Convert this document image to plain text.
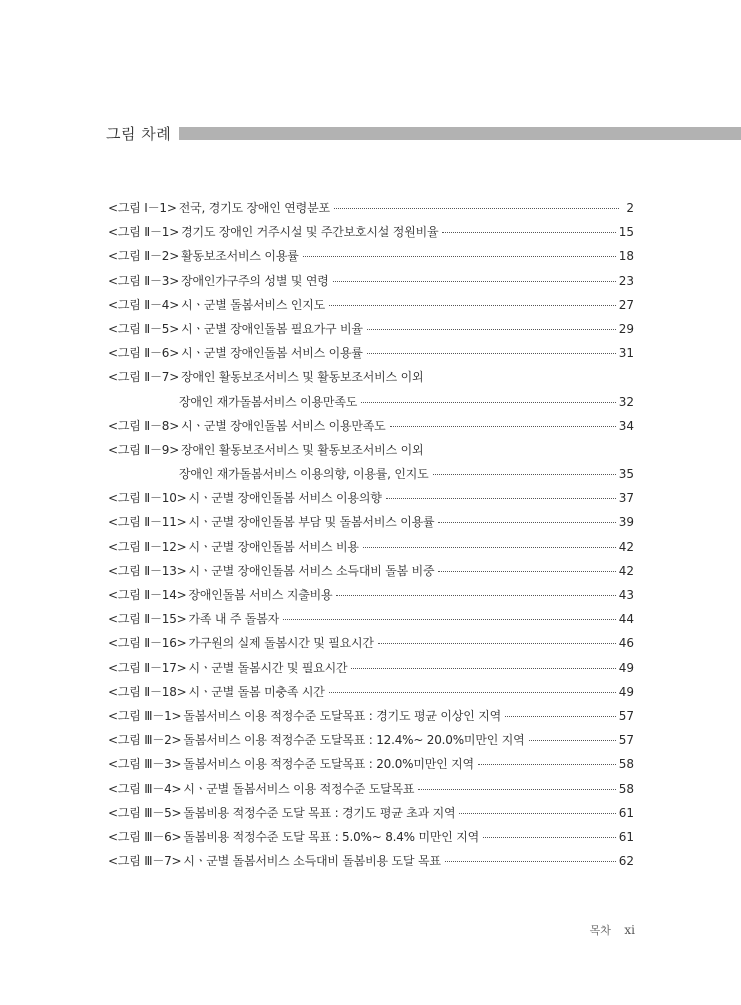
그림 차례
<그림 Ⅰ－1> 전국, 경기도 장애인 연령분포	2
<그림 Ⅱ－1> 경기도 장애인 거주시설 및 주간보호시설 정원비율	15
<그림 Ⅱ－2> 활동보조서비스 이용률	18
<그림 Ⅱ－3> 장애인가구주의 성별 및 연령	23
<그림 Ⅱ－4> 시ㆍ군별 돌봄서비스 인지도	27
<그림 Ⅱ－5> 시ㆍ군별 장애인돌봄 필요가구 비율	29
<그림 Ⅱ－6> 시ㆍ군별 장애인돌봄 서비스 이용률	31
<그림 Ⅱ－7> 장애인 활동보조서비스 및 활동보조서비스 이외
장애인 재가돌봄서비스 이용만족도	32
<그림 Ⅱ－8> 시ㆍ군별 장애인돌봄 서비스 이용만족도	34
<그림 Ⅱ－9> 장애인 활동보조서비스 및 활동보조서비스 이외
장애인 재가돌봄서비스 이용의향, 이용률, 인지도	35
<그림 Ⅱ－10> 시ㆍ군별 장애인돌봄 서비스 이용의향	37
<그림 Ⅱ－11> 시ㆍ군별 장애인돌봄 부담 및 돌봄서비스 이용률	39
<그림 Ⅱ－12> 시ㆍ군별 장애인돌봄 서비스 비용	42
<그림 Ⅱ－13> 시ㆍ군별 장애인돌봄 서비스 소득대비 돌봄 비중	42
<그림 Ⅱ－14> 장애인돌봄 서비스 지출비용	43
<그림 Ⅱ－15> 가족 내 주 돌봄자	44
<그림 Ⅱ－16> 가구원의 실제 돌봄시간 및 필요시간	46
<그림 Ⅱ－17> 시ㆍ군별 돌봄시간 및 필요시간	49
<그림 Ⅱ－18> 시ㆍ군별 돌봄 미충족 시간	49
<그림 Ⅲ－1> 돌봄서비스 이용 적정수준 도달목표 : 경기도 평균 이상인 지역	57
<그림 Ⅲ－2> 돌봄서비스 이용 적정수준 도달목표 : 12.4%~ 20.0%미만인 지역	57
<그림 Ⅲ－3> 돌봄서비스 이용 적정수준 도달목표 : 20.0%미만인 지역	58
<그림 Ⅲ－4> 시ㆍ군별 돌봄서비스 이용 적정수준 도달목표	58
<그림 Ⅲ－5> 돌봄비용 적정수준 도달 목표 : 경기도 평균 초과 지역	61
<그림 Ⅲ－6> 돌봄비용 적정수준 도달 목표 : 5.0%~ 8.4% 미만인 지역	61
<그림 Ⅲ－7> 시ㆍ군별 돌봄서비스 소득대비 돌봄비용 도달 목표	62
목차 xi
